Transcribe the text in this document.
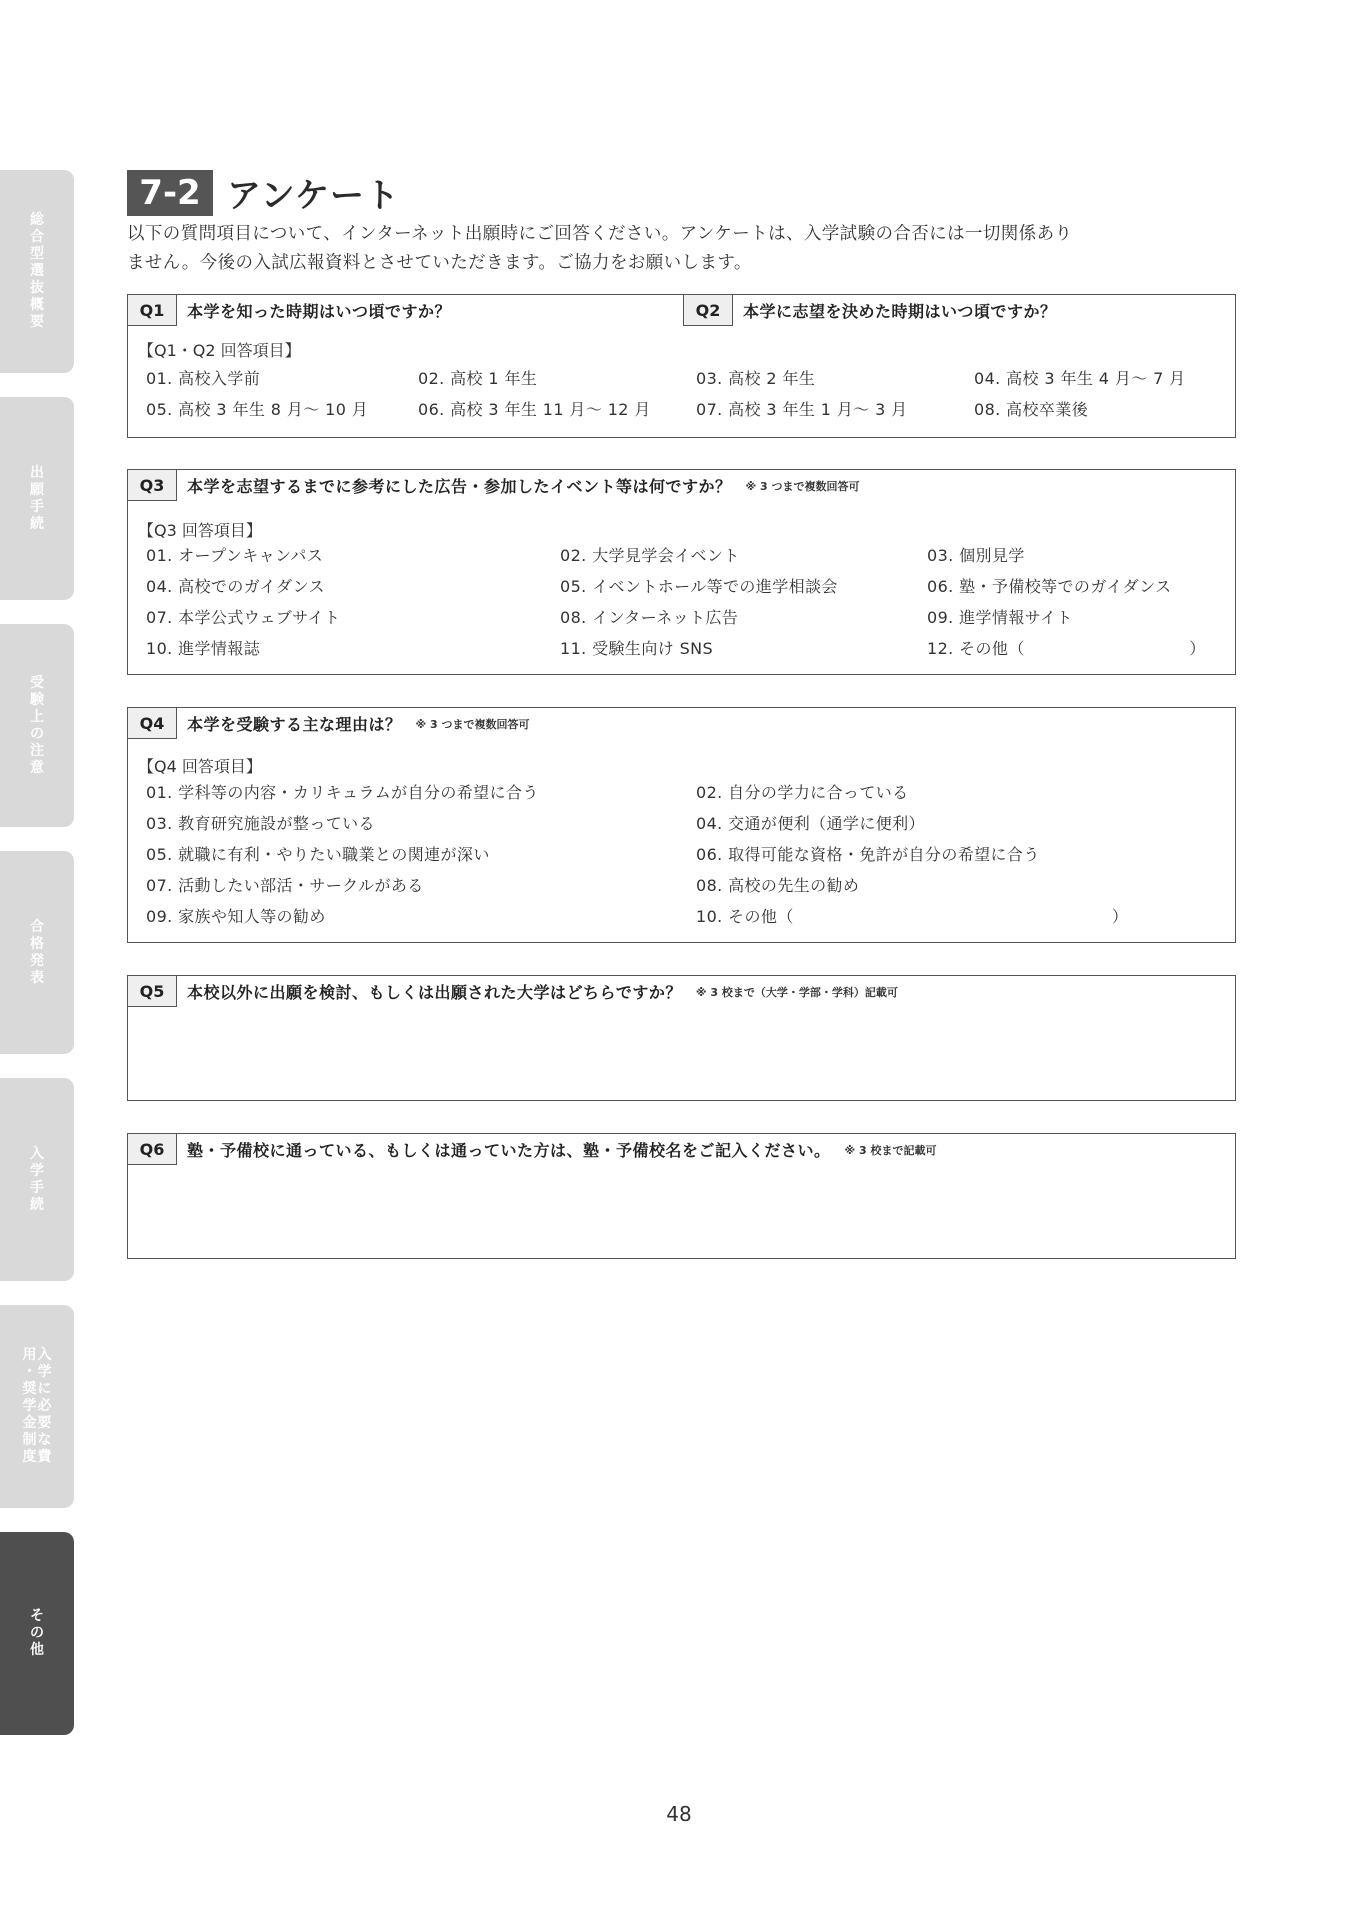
総
合
型
選
抜
概
要
出
願
手
続
受
験
上
の
注
意
合
格
発
表
入
学
手
続
入
学
に
必
要
な
費
用
・
奨
学
金
制
度
そ
の
他
7-2 アンケート
以下の質問項目について、インターネット出願時にご回答ください。アンケートは、入学試験の合否には一切関係あり
ません。今後の入試広報資料とさせていただきます。ご協力をお願いします。
Q1	本学を知った時期はいつ頃ですか？	Q2	本学に志望を決めた時期はいつ頃ですか？
【Q1・Q2 回答項目】
01. 高校入学前	02. 高校 1 年生	03. 高校 2 年生	04. 高校 3 年生 4 月～ 7 月
05. 高校 3 年生 8 月～ 10 月	06. 高校 3 年生 11 月～ 12 月	07. 高校 3 年生 1 月～ 3 月	08. 高校卒業後
Q3	本学を志望するまでに参考にした広告・参加したイベント等は何ですか？ ※ 3 つまで複数回答可
【Q3 回答項目】
01. オープンキャンパス	02. 大学見学会イベント	03. 個別見学
04. 高校でのガイダンス	05. イベントホール等での進学相談会	06. 塾・予備校等でのガイダンス
07. 本学公式ウェブサイト	08. インターネット広告	09. 進学情報サイト
10. 進学情報誌	11. 受験生向け SNS	12. その他（                              ）
Q4	本学を受験する主な理由は？ ※ 3 つまで複数回答可
【Q4 回答項目】
01. 学科等の内容・カリキュラムが自分の希望に合う	02. 自分の学力に合っている
03. 教育研究施設が整っている	04. 交通が便利（通学に便利）
05. 就職に有利・やりたい職業との関連が深い	06. 取得可能な資格・免許が自分の希望に合う
07. 活動したい部活・サークルがある	08. 高校の先生の勧め
09. 家族や知人等の勧め	10. その他（                                                          ）
Q5	本校以外に出願を検討、もしくは出願された大学はどちらですか？ ※ 3 校まで（大学・学部・学科）記載可
Q6	塾・予備校に通っている、もしくは通っていた方は、塾・予備校名をご記入ください。 ※ 3 校まで記載可
48
